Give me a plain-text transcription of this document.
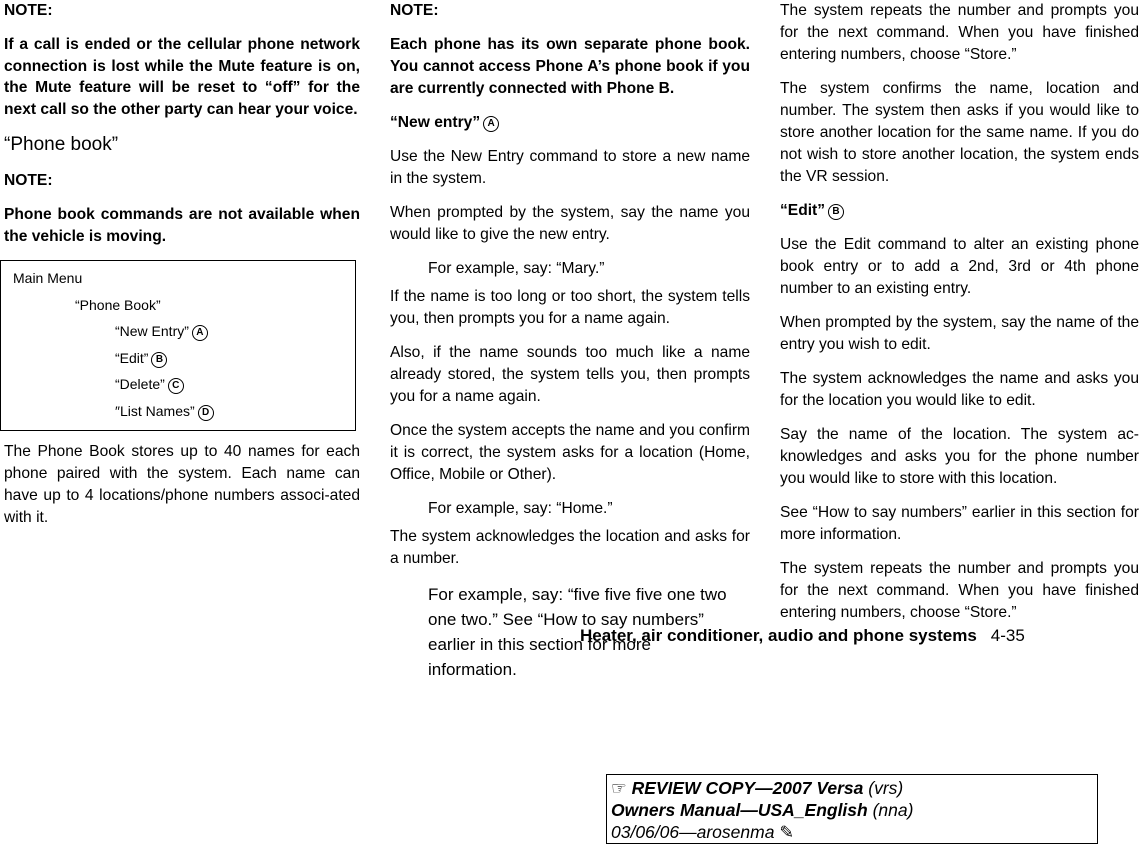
NOTE:
If a call is ended or the cellular phone network connection is lost while the Mute feature is on, the Mute feature will be reset to “off” for the next call so the other party can hear your voice.
“Phone book”
NOTE:
Phone book commands are not available when the vehicle is moving.
Main Menu
“Phone Book”
“New Entry” A
“Edit” B
“Delete” C
″List Names” D
The Phone Book stores up to 40 names for each phone paired with the system. Each name can have up to 4 locations/phone numbers associ-ated with it.
NOTE:
Each phone has its own separate phone book. You cannot access Phone A’s phone book if you are currently connected with Phone B.
“New entry” A
Use the New Entry command to store a new name in the system.
When prompted by the system, say the name you would like to give the new entry.
For example, say: “Mary.”
If the name is too long or too short, the system tells you, then prompts you for a name again.
Also, if the name sounds too much like a name already stored, the system tells you, then prompts you for a name again.
Once the system accepts the name and you confirm it is correct, the system asks for a location (Home, Office, Mobile or Other).
For example, say: “Home.”
The system acknowledges the location and asks for a number.
For example, say: “five five five one two one two.” See “How to say numbers” earlier in this section for more information.
The system repeats the number and prompts you for the next command. When you have finished entering numbers, choose “Store.”
The system confirms the name, location and number. The system then asks if you would like to store another location for the same name. If you do not wish to store another location, the system ends the VR session.
“Edit” B
Use the Edit command to alter an existing phone book entry or to add a 2nd, 3rd or 4th phone number to an existing entry.
When prompted by the system, say the name of the entry you wish to edit.
The system acknowledges the name and asks you for the location you would like to edit.
Say the name of the location. The system ac-knowledges and asks you for the phone number you would like to store with this location.
See “How to say numbers” earlier in this section for more information.
The system repeats the number and prompts you for the next command. When you have finished entering numbers, choose “Store.”
Heater, air conditioner, audio and phone systems 4-35
☞ REVIEW COPY—2007 Versa (vrs)
Owners Manual—USA_English (nna)
03/06/06—arosenma ✎
